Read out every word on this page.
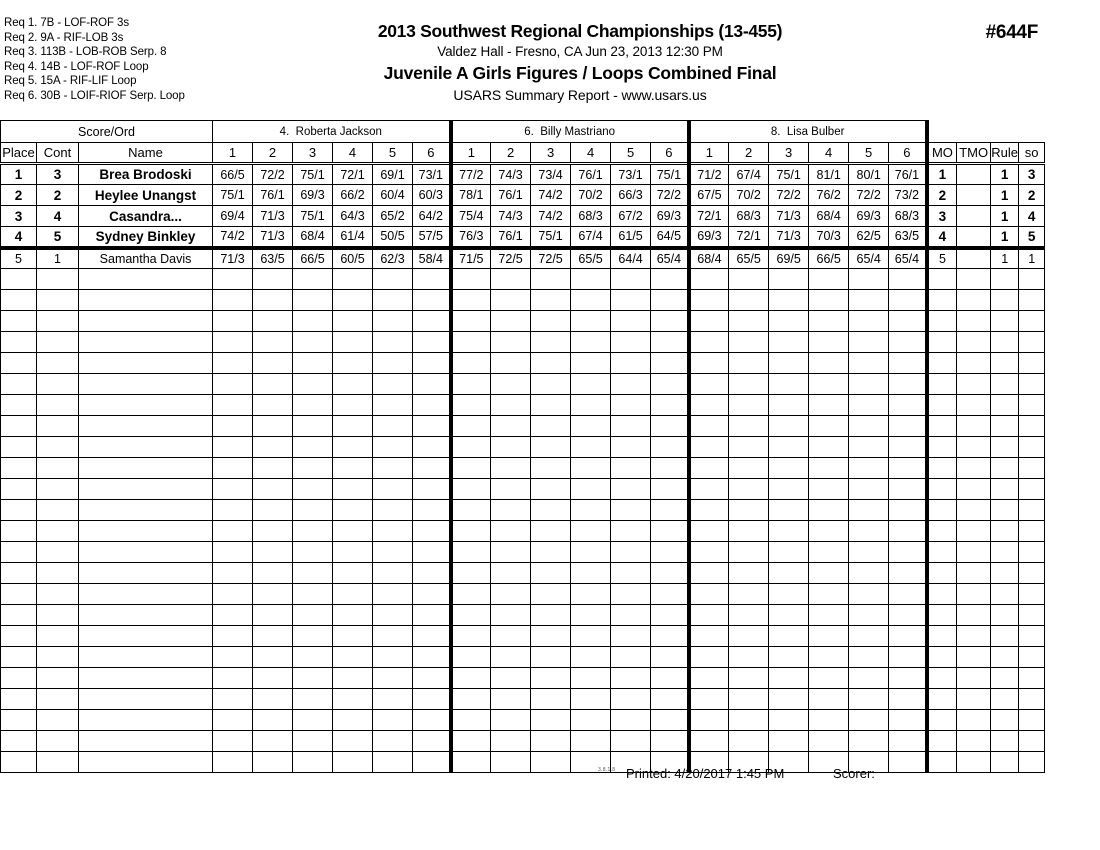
Req 1. 7B - LOF-ROF 3s
Req 2. 9A - RIF-LOB 3s
Req 3. 113B - LOB-ROB Serp. 8
Req 4. 14B - LOF-ROF Loop
Req 5. 15A - RIF-LIF Loop
Req 6. 30B - LOIF-RIOF Serp. Loop
2013 Southwest Regional Championships (13-455)
Valdez Hall - Fresno, CA Jun 23, 2013 12:30 PM
Juvenile A Girls Figures / Loops Combined Final
USARS Summary Report - www.usars.us
#644F
Score/Ord			4. Roberta Jackson						6. Billy Mastriano						8. Lisa Bulber									
Place	Cont	Name	1	2	3	4	5	6	1	2	3	4	5	6	1	2	3	4	5	6	MO	TMO	Rule	so
1	3	Brea Brodoski	66/5	72/2	75/1	72/1	69/1	73/1	77/2	74/3	73/4	76/1	73/1	75/1	71/2	67/4	75/1	81/1	80/1	76/1	1		1	3
2	2	Heylee Unangst	75/1	76/1	69/3	66/2	60/4	60/3	78/1	76/1	74/2	70/2	66/3	72/2	67/5	70/2	72/2	76/2	72/2	73/2	2		1	2
3	4	Casandra...	69/4	71/3	75/1	64/3	65/2	64/2	75/4	74/3	74/2	68/3	67/2	69/3	72/1	68/3	71/3	68/4	69/3	68/3	3		1	4
4	5	Sydney Binkley	74/2	71/3	68/4	61/4	50/5	57/5	76/3	76/1	75/1	67/4	61/5	64/5	69/3	72/1	71/3	70/3	62/5	63/5	4		1	5
5	1	Samantha Davis	71/3	63/5	66/5	60/5	62/3	58/4	71/5	72/5	72/5	65/5	64/4	65/4	68/4	65/5	69/5	66/5	65/4	65/4	5		1	1

3.8.1.8 Printed: 4/20/2017 1:45 PM	Scorer:
